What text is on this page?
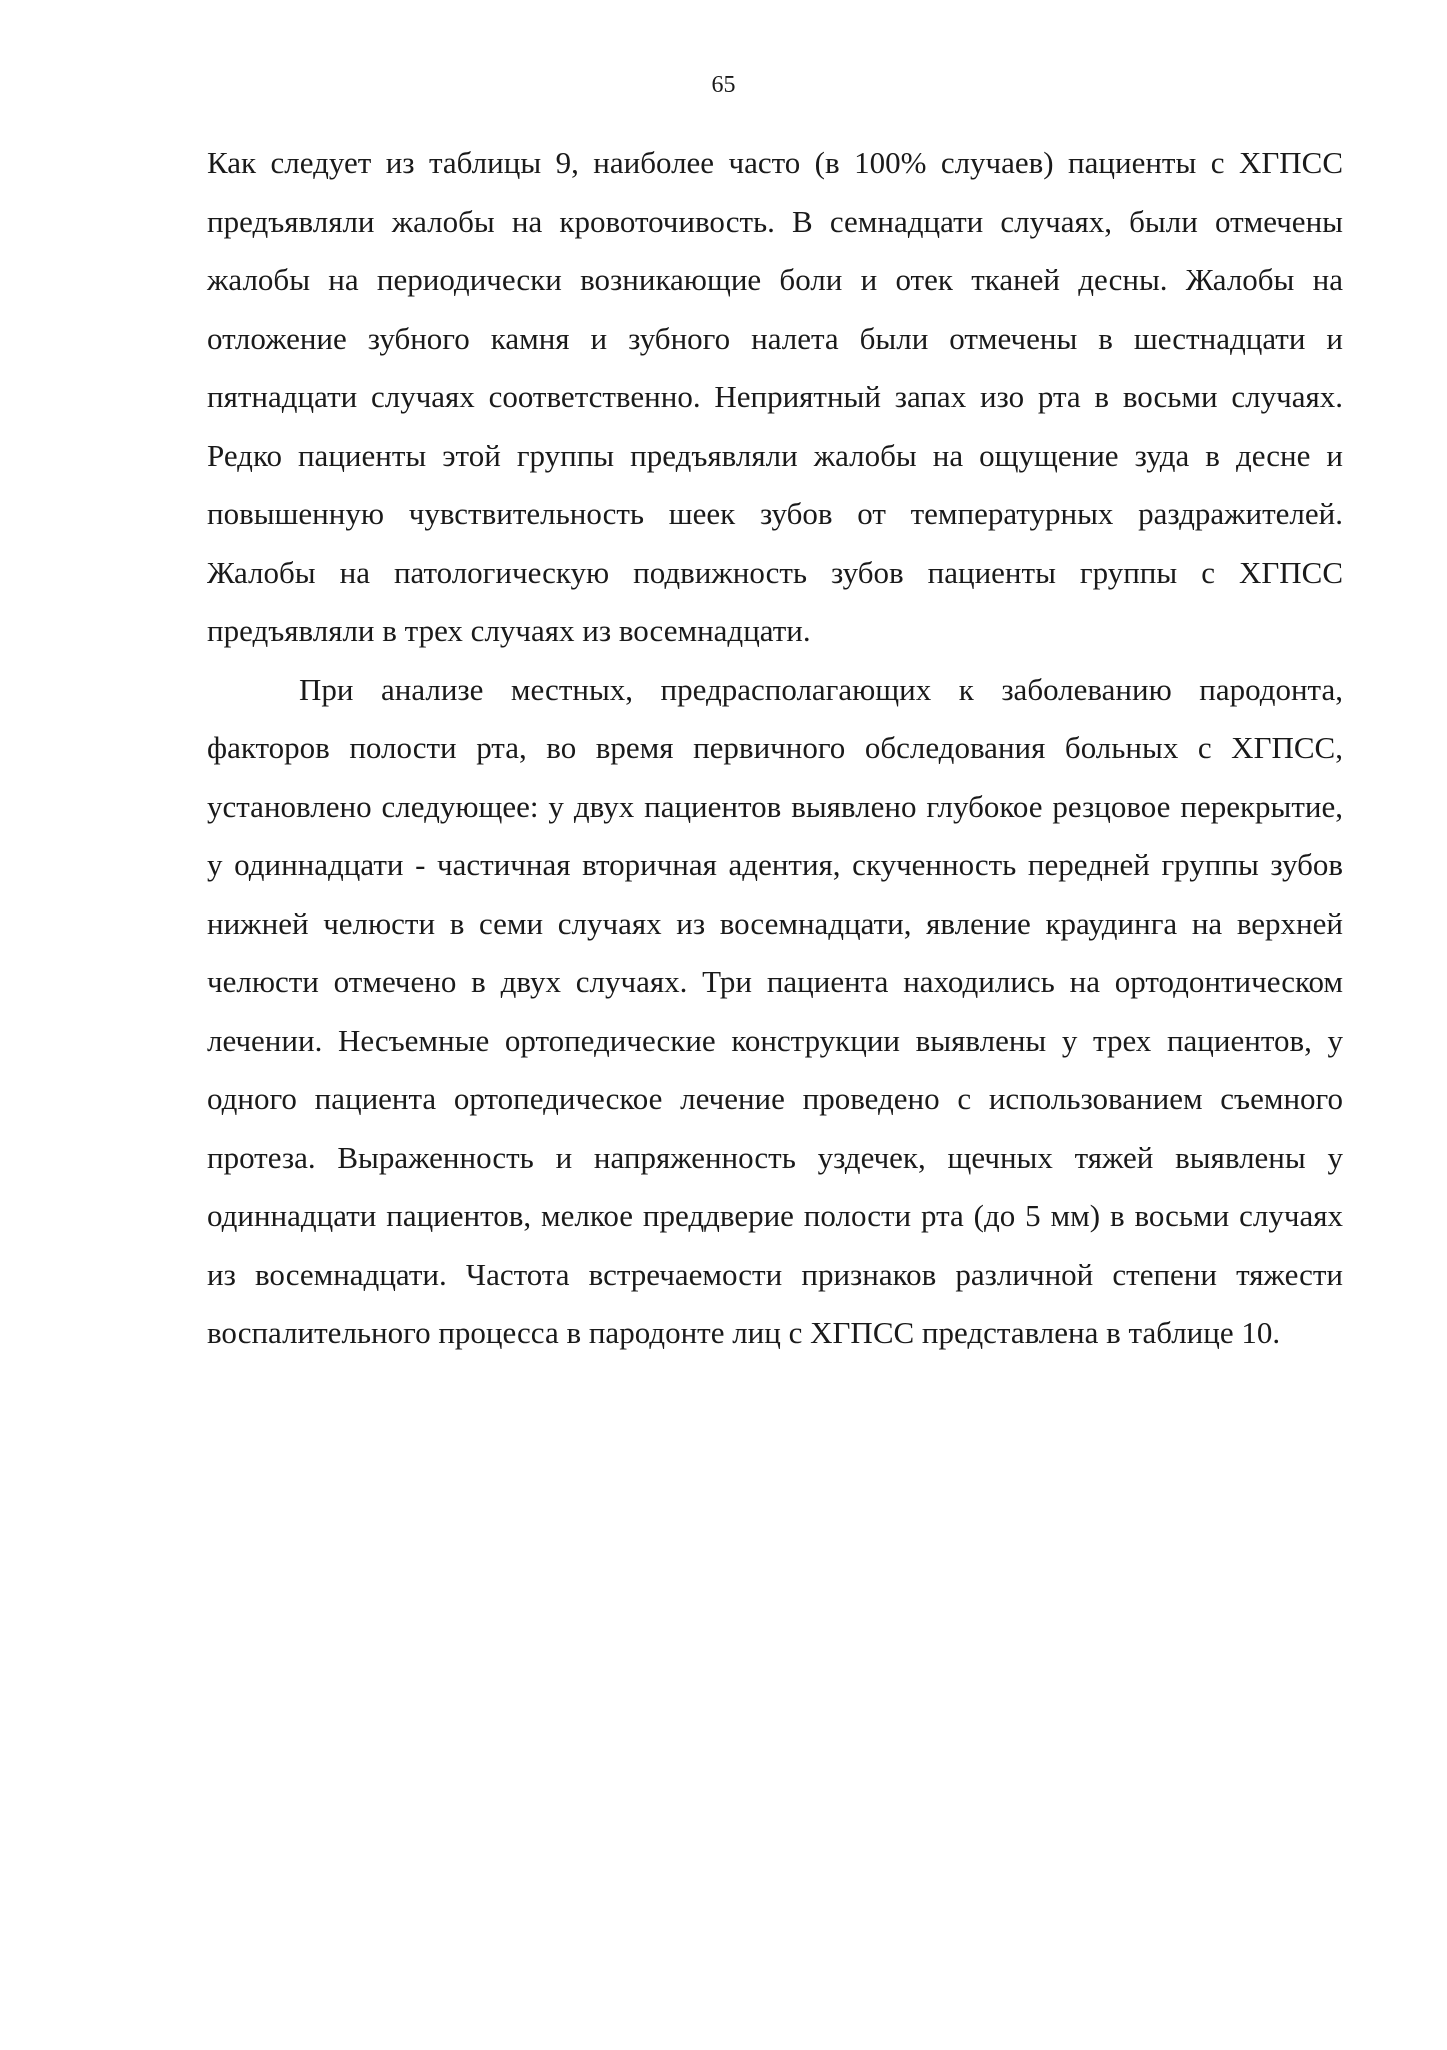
65

Как следует из таблицы 9, наиболее часто (в 100% случаев) пациенты с ХГПСС предъявляли жалобы на кровоточивость. В семнадцати случаях, были отмечены жалобы на периодически возникающие боли и отек тканей десны. Жалобы на отложение зубного камня и зубного налета были отмечены в шестнадцати и пятнадцати случаях соответственно. Неприятный запах изо рта в восьми случаях. Редко пациенты этой группы предъявляли жалобы на ощущение зуда в десне и повышенную чувствительность шеек зубов от температурных раздражителей. Жалобы на патологическую подвижность зубов пациенты группы с ХГПСС предъявляли в трех случаях из восемнадцати.

При анализе местных, предрасполагающих к заболеванию пародонта, факторов полости рта, во время первичного обследования больных с ХГПСС, установлено следующее: у двух пациентов выявлено глубокое резцовое перекрытие, у одиннадцати - частичная вторичная адентия, скученность передней группы зубов нижней челюсти в семи случаях из восемнадцати, явление краудинга на верхней челюсти отмечено в двух случаях. Три пациента находились на ортодонтическом лечении. Несъемные ортопедические конструкции выявлены у трех пациентов, у одного пациента ортопедическое лечение проведено с использованием съемного протеза. Выраженность и напряженность уздечек, щечных тяжей выявлены у одиннадцати пациентов, мелкое преддверие полости рта (до 5 мм) в восьми случаях из восемнадцати. Частота встречаемости признаков различной степени тяжести воспалительного процесса в пародонте лиц с ХГПСС представлена в таблице 10.
